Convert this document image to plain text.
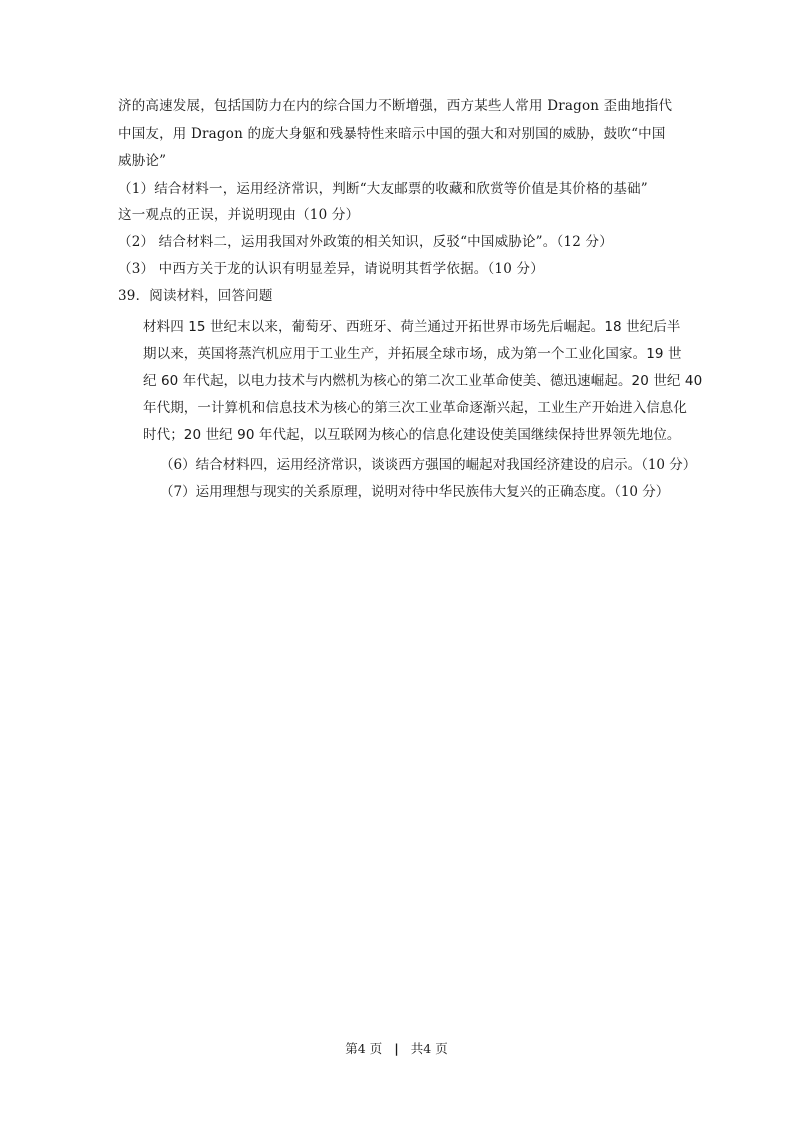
济的高速发展，包括国防力在内的综合国力不断增强，西方某些人常用 Dragon 歪曲地指代
中国友，用 Dragon 的庞大身躯和残暴特性来暗示中国的强大和对别国的威胁，鼓吹“中国
威胁论”
（1）结合材料一，运用经济常识，判断“大友邮票的收藏和欣赏等价值是其价格的基础”
这一观点的正误，并说明现由（10 分）
（2） 结合材料二，运用我国对外政策的相关知识，反驳“中国威胁论”。（12 分）
（3） 中西方关于龙的认识有明显差异，请说明其哲学依据。（10 分）
39．阅读材料，回答问题
材料四 15 世纪末以来，葡萄牙、西班牙、荷兰通过开拓世界市场先后崛起。18 世纪后半
期以来，英国将蒸汽机应用于工业生产，并拓展全球市场，成为第一个工业化国家。19 世
纪 60 年代起，以电力技术与内燃机为核心的第二次工业革命使美、德迅速崛起。20 世纪 40
年代期，一计算机和信息技术为核心的第三次工业革命逐渐兴起，工业生产开始进入信息化
时代；20 世纪 90 年代起，以互联网为核心的信息化建设使美国继续保持世界领先地位。
（6）结合材料四，运用经济常识，谈谈西方强国的崛起对我国经济建设的启示。（10 分）
（7）运用理想与现实的关系原理，说明对待中华民族伟大复兴的正确态度。（10 分）
第4 页 | 共4 页
